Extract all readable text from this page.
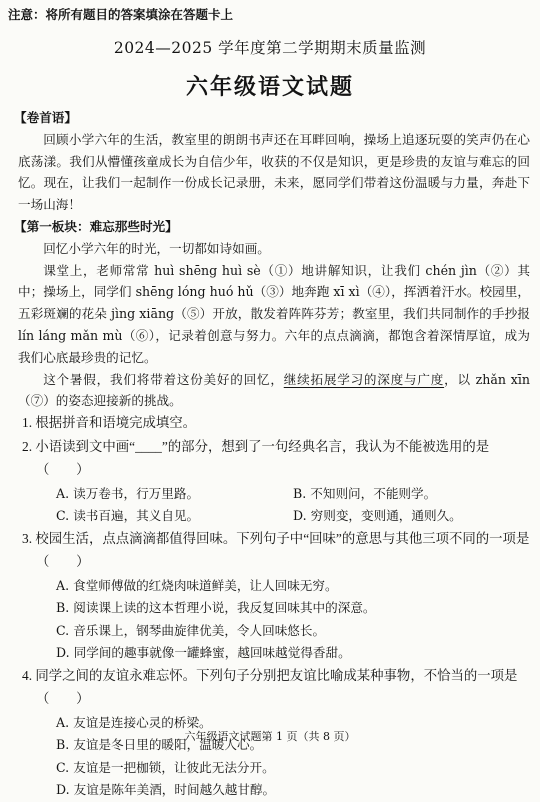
注意：将所有题目的答案填涂在答题卡上
2024—2025 学年度第二学期期末质量监测
六年级语文试题
【卷首语】

回顾小学六年的生活，教室里的朗朗书声还在耳畔回响，操场上追逐玩耍的笑声仍在心底荡漾。我们从懵懂孩童成长为自信少年，收获的不仅是知识，更是珍贵的友谊与难忘的回忆。现在，让我们一起制作一份成长记录册，未来，愿同学们带着这份温暖与力量，奔赴下一场山海！

【第一板块：难忘那些时光】

回忆小学六年的时光，一切都如诗如画。

课堂上，老师常常 huì shēng huì sè（①）地讲解知识，让我们 chén jìn（②）其中；操场上，同学们 shēng lóng huó hǔ（③）地奔跑 xī xì（④），挥洒着汗水。校园里，五彩斑斓的花朵 jìng xiāng（⑤）开放，散发着阵阵芬芳；教室里，我们共同制作的手抄报 lín láng mǎn mù（⑥），记录着创意与努力。六年的点点滴滴，都饱含着深情厚谊，成为我们心底最珍贵的记忆。

这个暑假，我们将带着这份美好的回忆，继续拓展学习的深度与广度，以 zhǎn xīn（⑦）的姿态迎接新的挑战。

1. 根据拼音和语境完成填空。

2. 小语读到文中画“____”的部分，想到了一句经典名言，我认为不能被选用的是（　　）

A. 读万卷书，行万里路。	B. 不知则问，不能则学。
C. 读书百遍，其义自见。	D. 穷则变，变则通，通则久。

3. 校园生活，点点滴滴都值得回味。下列句子中“回味”的意思与其他三项不同的一项是（　　）

A. 食堂师傅做的红烧肉味道鲜美，让人回味无穷。

B. 阅读课上读的这本哲理小说，我反复回味其中的深意。

C. 音乐课上，钢琴曲旋律优美，令人回味悠长。

D. 同学间的趣事就像一罐蜂蜜，越回味越觉得香甜。

4. 同学之间的友谊永难忘怀。下列句子分别把友谊比喻成某种事物，不恰当的一项是（　　）

A. 友谊是连接心灵的桥梁。

B. 友谊是冬日里的暖阳，温暖人心。

C. 友谊是一把枷锁，让彼此无法分开。

D. 友谊是陈年美酒，时间越久越甘醇。

六年级语文试题第 1 页（共 8 页）
